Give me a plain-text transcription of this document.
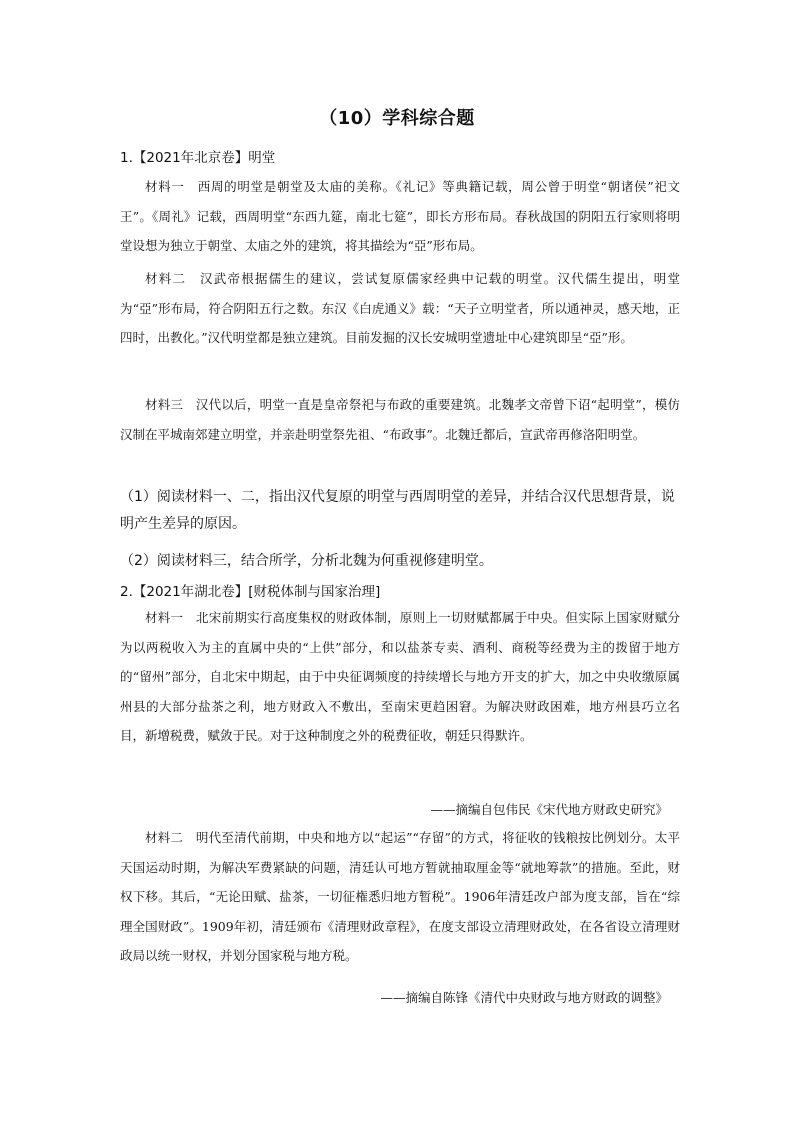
（10）学科综合题
1.【2021年北京卷】明堂
材料一　西周的明堂是朝堂及太庙的美称。《礼记》等典籍记载，周公曾于明堂“朝诸侯”祀文王”。《周礼》记载，西周明堂“东西九筵，南北七筵”，即长方形布局。春秋战国的阴阳五行家则将明堂设想为独立于朝堂、太庙之外的建筑，将其描绘为“亞”形布局。
材料二　汉武帝根据儒生的建议，尝试复原儒家经典中记载的明堂。汉代儒生提出，明堂为“亞”形布局，符合阴阳五行之数。东汉《白虎通义》载：“天子立明堂者，所以通神灵，感天地，正四时，出教化。”汉代明堂都是独立建筑。目前发掘的汉长安城明堂遗址中心建筑即呈“亞”形。
材料三　汉代以后，明堂一直是皇帝祭祀与布政的重要建筑。北魏孝文帝曾下诏“起明堂”，模仿汉制在平城南郊建立明堂，并亲赴明堂祭先祖、“布政事”。北魏迁都后，宣武帝再修洛阳明堂。
（1）阅读材料一、二，指出汉代复原的明堂与西周明堂的差异，并结合汉代思想背景，说明产生差异的原因。
（2）阅读材料三，结合所学，分析北魏为何重视修建明堂。
2.【2021年湖北卷】[财税体制与国家治理]
材料一　北宋前期实行高度集权的财政体制，原则上一切财赋都属于中央。但实际上国家财赋分为以两税收入为主的直属中央的“上供”部分，和以盐茶专卖、酒利、商税等经费为主的拨留于地方的“留州”部分，自北宋中期起，由于中央征调频度的持续增长与地方开支的扩大，加之中央收缴原属州县的大部分盐茶之利，地方财政入不敷出，至南宋更趋困窘。为解决财政困难，地方州县巧立名目，新增税费，赋敛于民。对于这种制度之外的税费征收，朝廷只得默许。
——摘编自包伟民《宋代地方财政史研究》
材料二　明代至清代前期，中央和地方以“起运”“存留”的方式，将征收的钱粮按比例划分。太平天国运动时期，为解决军费紧缺的问题，清廷认可地方暂就抽取厘金等“就地筹款”的措施。至此，财权下移。其后，“无论田赋、盐茶，一切征権悉归地方暂税”。1906年清廷改户部为度支部，旨在“综理全国财政”。1909年初，清廷颁布《清理财政章程》，在度支部设立清理财政处，在各省设立清理财政局以统一财权，并划分国家税与地方税。
——摘编自陈锋《清代中央财政与地方财政的调整》
